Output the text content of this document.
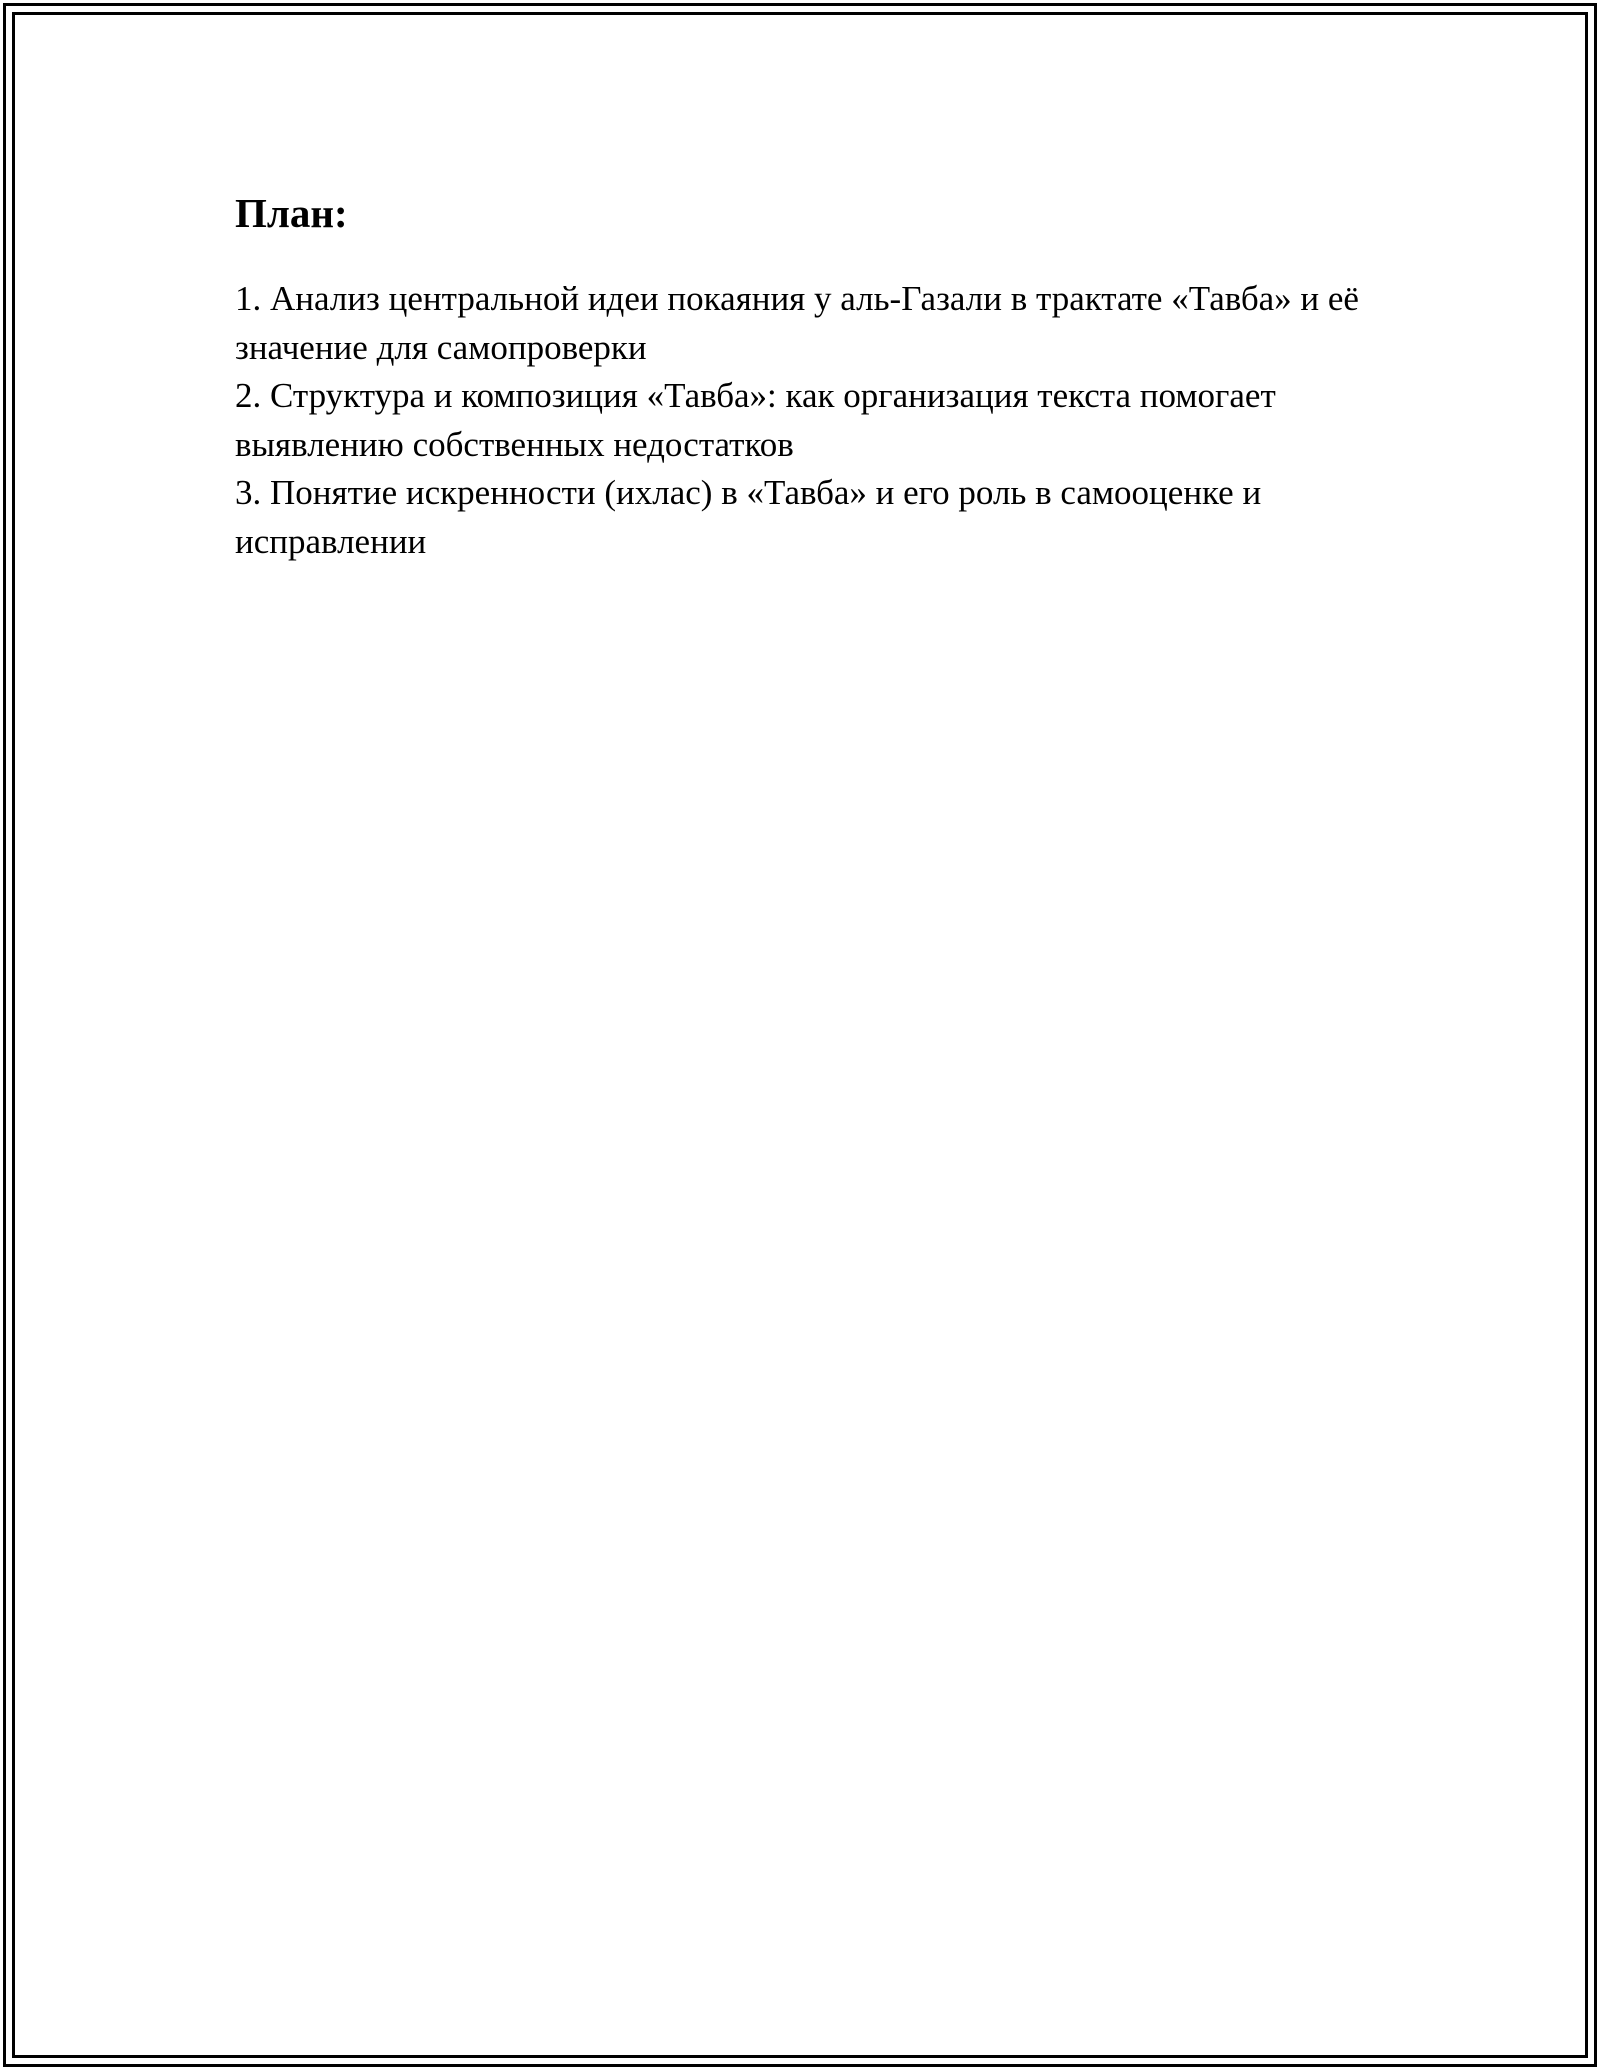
План:
1. Анализ центральной идеи покаяния у аль-Газали в трактате «Тавба» и её значение для самопроверки
2. Структура и композиция «Тавба»: как организация текста помогает выявлению собственных недостатков
3. Понятие искренности (ихлас) в «Тавба» и его роль в самооценке и исправлении
